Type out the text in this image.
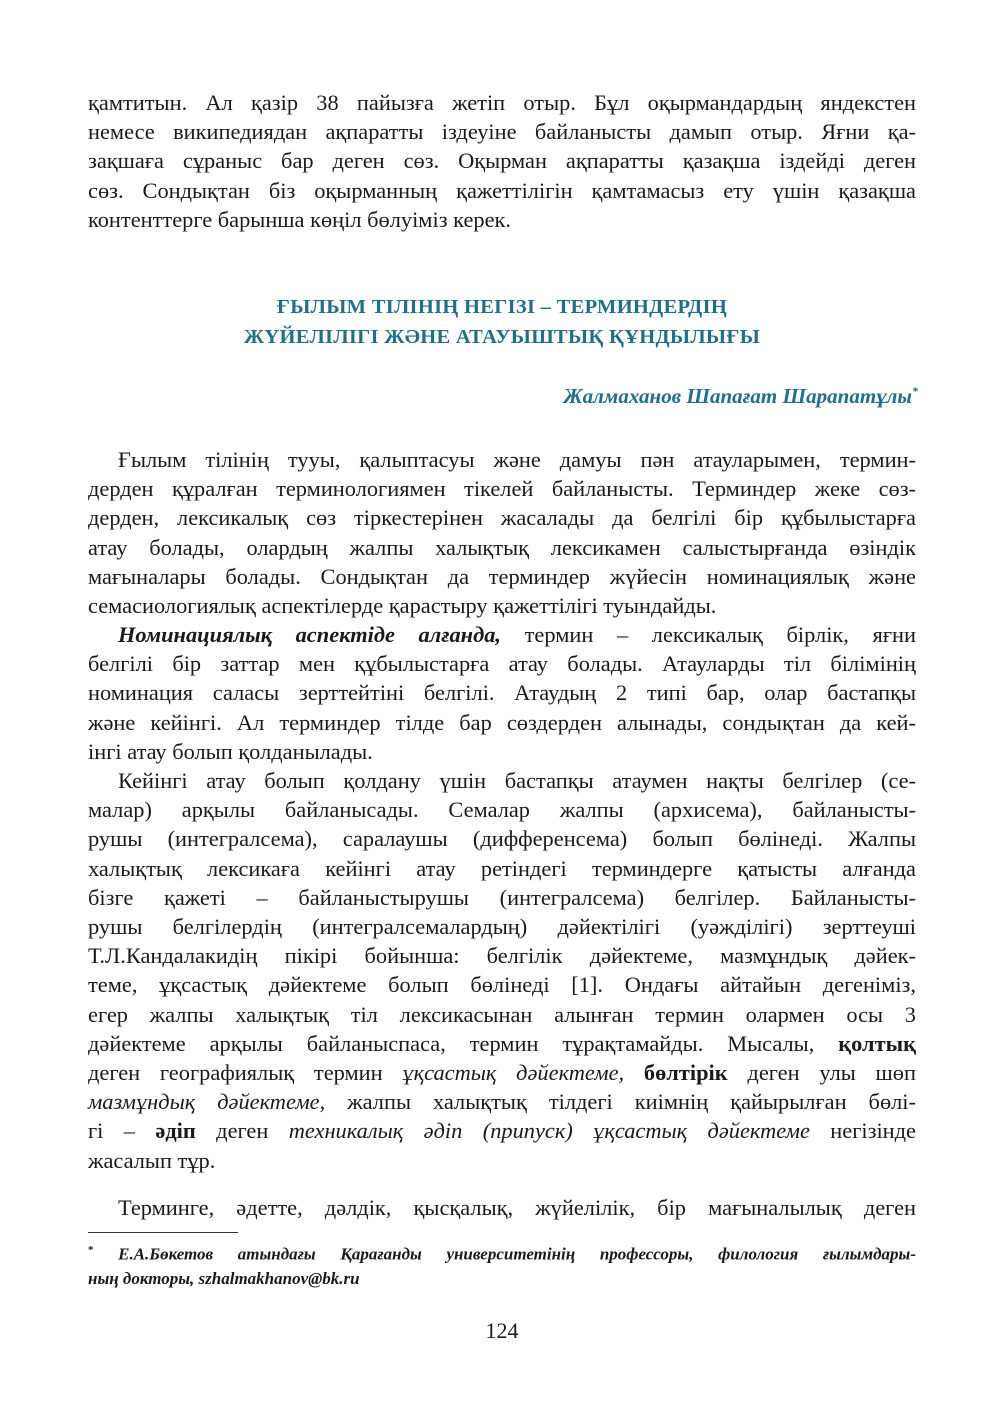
қамтитын. Ал қазір 38 пайызға жетіп отыр. Бұл оқырмандардың яндекстен
немесе википедиядан ақпаратты іздеуіне байланысты дамып отыр. Яғни қа-
зақшаға сұраныс бар деген сөз. Оқырман ақпаратты қазақша іздейді деген
сөз. Сондықтан біз оқырманның қажеттілігін қамтамасыз ету үшін қазақша
контенттерге барынша көңіл бөлуіміз керек.

ҒЫЛЫМ ТІЛІНІҢ НЕГІЗІ – ТЕРМИНДЕРДІҢ
ЖҮЙЕЛІЛІГІ ЖӘНЕ АТАУЫШТЫҚ ҚҰНДЫЛЫҒЫ

Жалмаханов Шапағат Шарапатұлы*

Ғылым тілінің тууы, қалыптасуы және дамуы пән атауларымен, термин-
дерден құралған терминологиямен тікелей байланысты. Терминдер жеке сөз-
дерден, лексикалық сөз тіркестерінен жасалады да белгілі бір құбылыстарға
атау болады, олардың жалпы халықтық лексикамен салыстырғанда өзіндік
мағыналары болады. Сондықтан да терминдер жүйесін номинациялық және
семасиологиялық аспектілерде қарастыру қажеттілігі туындайды.

Номинациялық аспектіде алғанда, термин – лексикалық бірлік, яғни
белгілі бір заттар мен құбылыстарға атау болады. Атауларды тіл білімінің
номинация саласы зерттейтіні белгілі. Атаудың 2 типі бар, олар бастапқы
және кейінгі. Ал терминдер тілде бар сөздерден алынады, сондықтан да кей-
інгі атау болып қолданылады.

Кейінгі атау болып қолдану үшін бастапқы атаумен нақты белгілер (се-
малар) арқылы байланысады. Семалар жалпы (архисема), байланысты-
рушы (интегралсема), саралаушы (дифференсема) болып бөлінеді. Жалпы
халықтық лексикаға кейінгі атау ретіндегі терминдерге қатысты алғанда
бізге қажеті – байланыстырушы (интегралсема) белгілер. Байланысты-
рушы белгілердің (интегралсемалардың) дәйектілігі (уәжділігі) зерттеуші
Т.Л.Кандалакидің пікірі бойынша: белгілік дәйектеме, мазмұндық дәйек-
теме, ұқсастық дәйектеме болып бөлінеді [1]. Ондағы айтайын дегеніміз,
егер жалпы халықтық тіл лексикасынан алынған термин олармен осы 3
дәйектеме арқылы байланыспаса, термин тұрақтамайды. Мысалы, қолтық
деген географиялық термин ұқсастық дәйектеме, бөлтірік деген улы шөп
мазмұндық дәйектеме, жалпы халықтық тілдегі киімнің қайырылған бөлі-
гі – әдіп деген техникалық әдіп (припуск) ұқсастық дәйектеме негізінде
жасалып тұр.

Терминге, әдетте, дәлдік, қысқалық, жүйелілік, бір мағыналылық деген

* Е.А.Бөкетов атындағы Қарағанды университетінің профессоры, филология ғылымдары-
ның докторы, szhalmakhanov@bk.ru

124
